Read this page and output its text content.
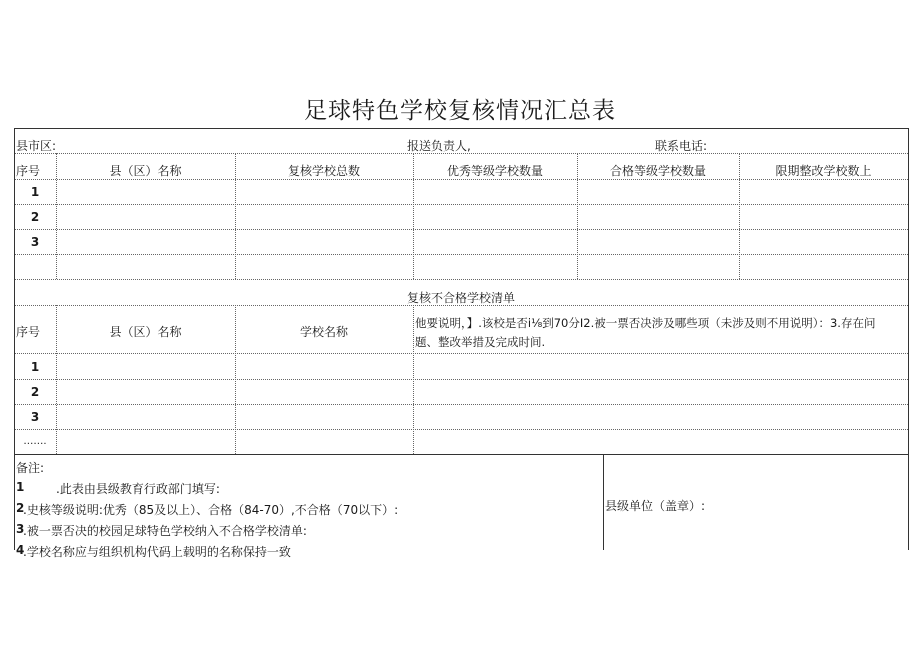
足球特色学校复核情况汇总表
县市区:	报送负责人,	联系电话:
序号	县（区）名称	复核学校总数	优秀等级学校数量	合格等级学校数量	限期整改学校数上
1
2
3
复核不合格学校清单
序号	县（区）名称	学校名称
他要说明，】.该校是否i⅛到70分I2.被一票否决涉及哪些项（未涉及则不用说明）：3.存在问
题、整改举措及完成时间.
1
2
3
…….
备注:
1	.此表由县级教育行政部门填写:
2
.史核等级说明:优秀（85及以上）、合格（84-70）,不合格（70以下）:
3
.被一票否决的校园足球特色学校纳入不合格学校清单:
4
.学校名称应与组织机构代码上载明的名称保持一致
县级单位（盖章）:
